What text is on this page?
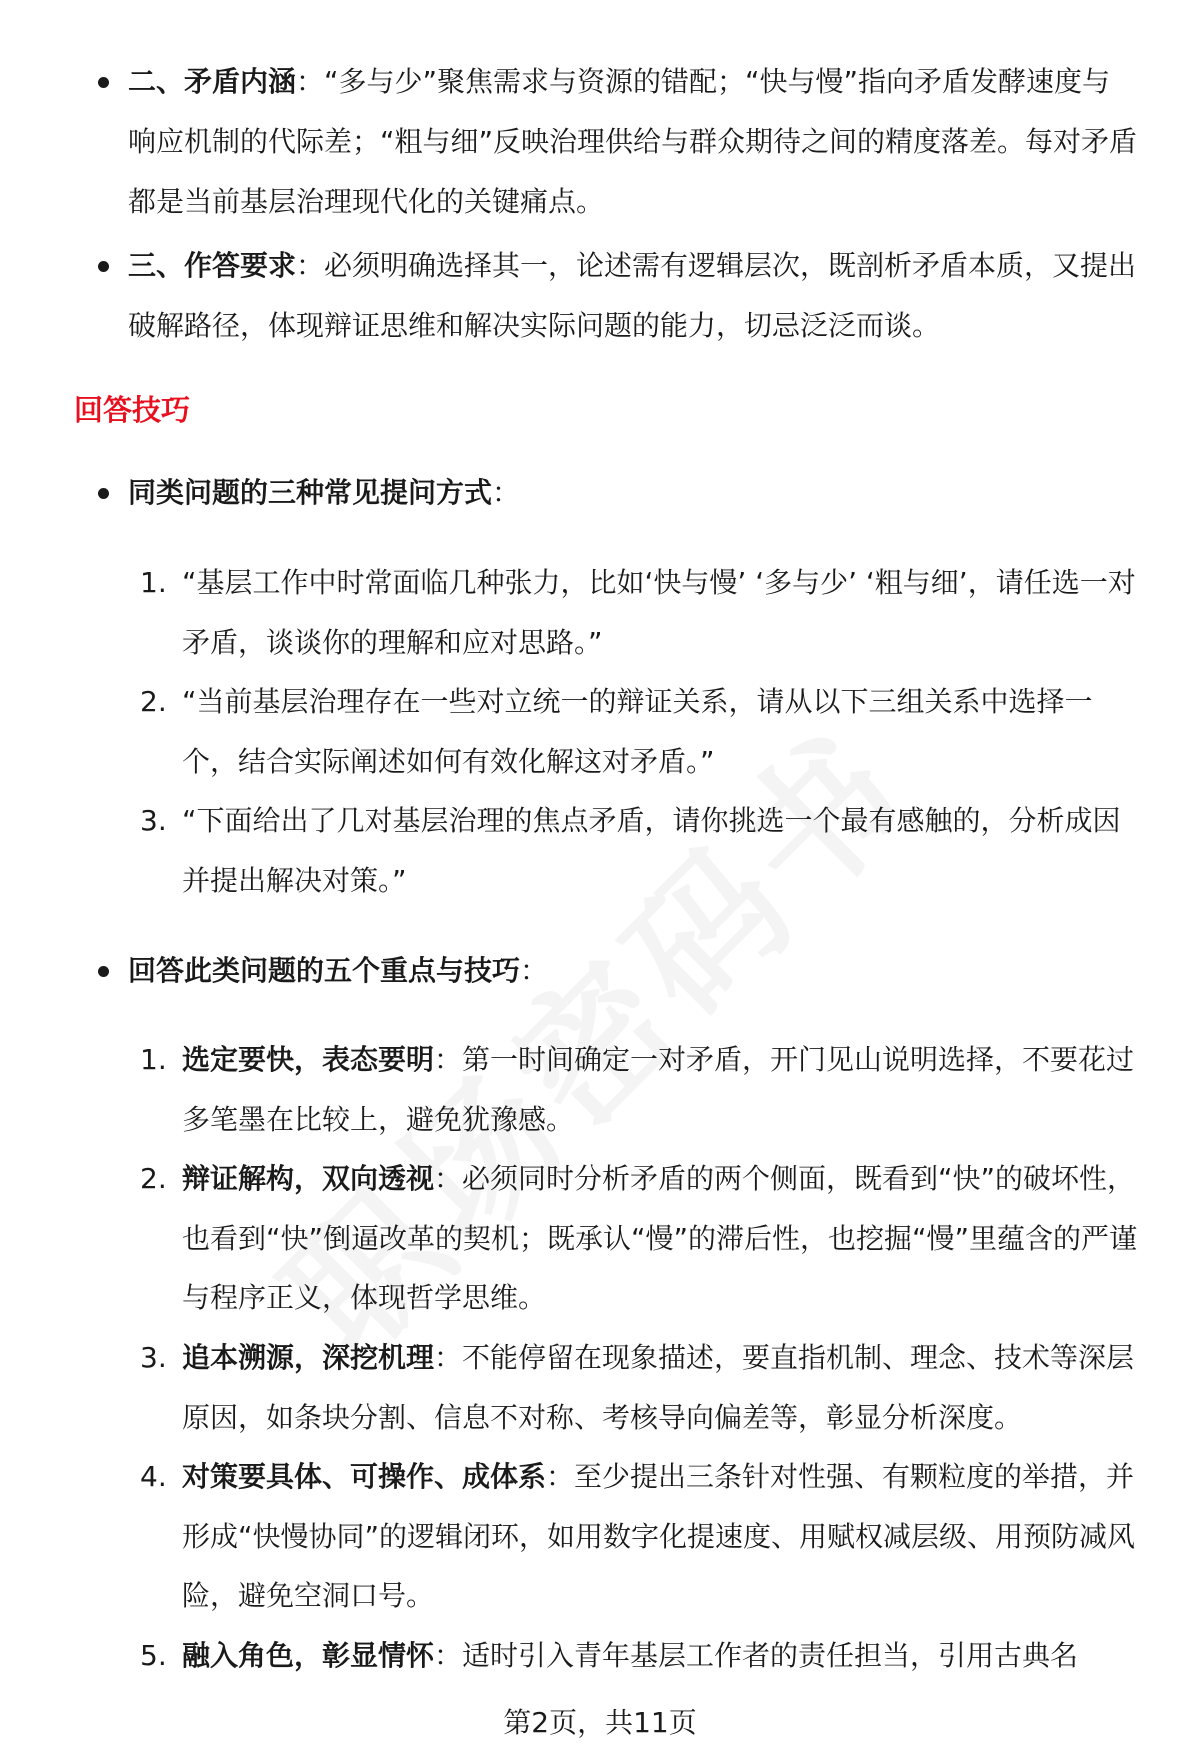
二、矛盾内涵：“多与少”聚焦需求与资源的错配；“快与慢”指向矛盾发酵速度与响应机制的代际差；“粗与细”反映治理供给与群众期待之间的精度落差。每对矛盾都是当前基层治理现代化的关键痛点。
三、作答要求：必须明确选择其一，论述需有逻辑层次，既剖析矛盾本质，又提出破解路径，体现辩证思维和解决实际问题的能力，切忌泛泛而谈。
回答技巧
同类问题的三种常见提问方式：
1. “基层工作中时常面临几种张力，比如‘快与慢’ ‘多与少’ ‘粗与细’，请任选一对矛盾，谈谈你的理解和应对思路。”
2. “当前基层治理存在一些对立统一的辩证关系，请从以下三组关系中选择一个，结合实际阐述如何有效化解这对矛盾。”
3. “下面给出了几对基层治理的焦点矛盾，请你挑选一个最有感触的，分析成因并提出解决对策。”
回答此类问题的五个重点与技巧：
1. 选定要快，表态要明：第一时间确定一对矛盾，开门见山说明选择，不要花过多笔墨在比较上，避免犹豫感。
2. 辩证解构，双向透视：必须同时分析矛盾的两个侧面，既看到“快”的破坏性，也看到“快”倒逼改革的契机；既承认“慢”的滞后性，也挖掘“慢”里蕴含的严谨与程序正义，体现哲学思维。
3. 追本溯源，深挖机理：不能停留在现象描述，要直指机制、理念、技术等深层原因，如条块分割、信息不对称、考核导向偏差等，彰显分析深度。
4. 对策要具体、可操作、成体系：至少提出三条针对性强、有颗粒度的举措，并形成“快慢协同”的逻辑闭环，如用数字化提速度、用赋权减层级、用预防减风险，避免空洞口号。
5. 融入角色，彰显情怀：适时引入青年基层工作者的责任担当，引用古典名
第2页，共11页
